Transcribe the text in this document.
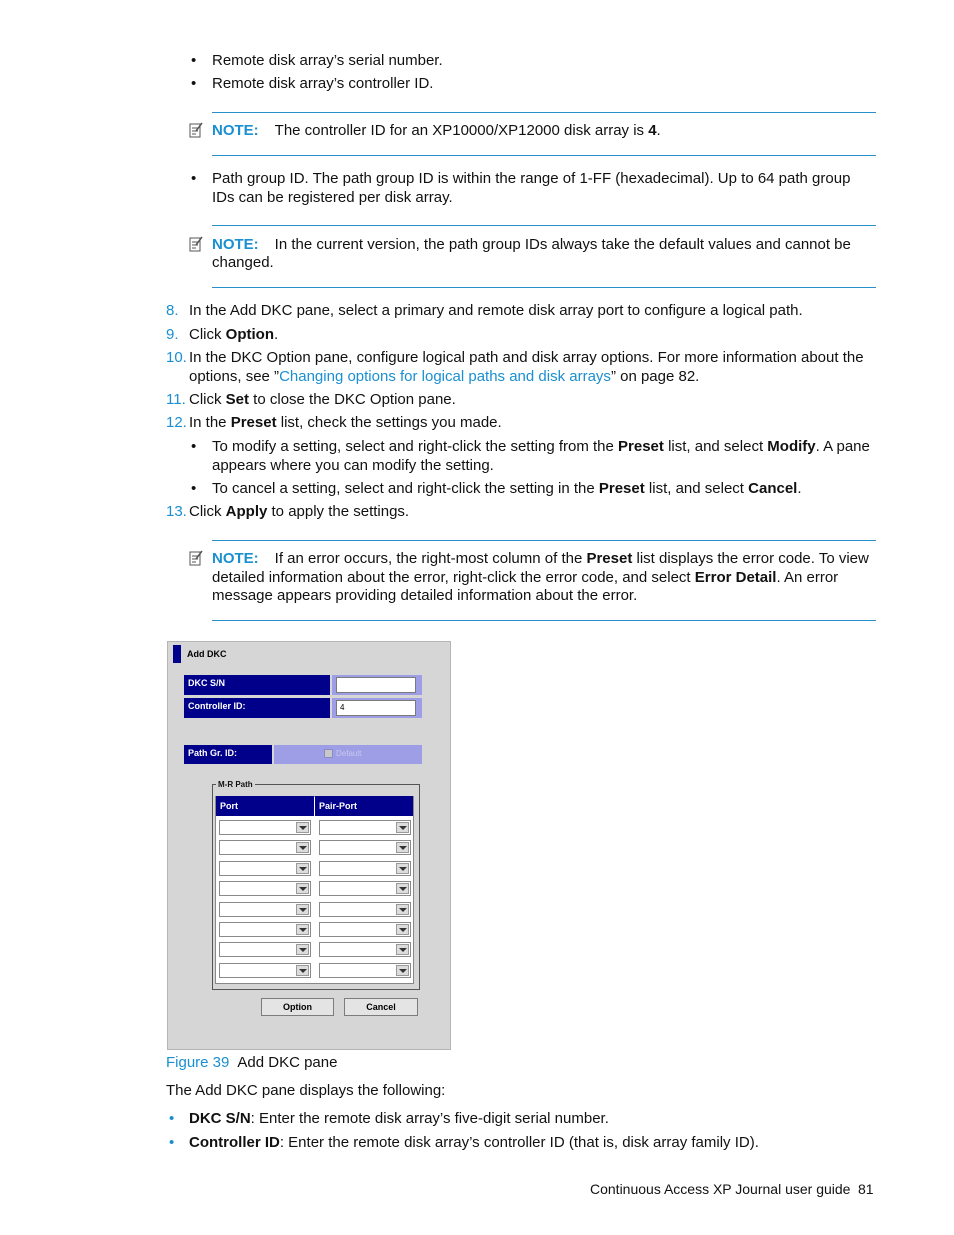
• Remote disk array’s serial number.
• Remote disk array’s controller ID.
NOTE: The controller ID for an XP10000/XP12000 disk array is 4.
• Path group ID. The path group ID is within the range of 1-FF (hexadecimal). Up to 64 path group
IDs can be registered per disk array.
NOTE: In the current version, the path group IDs always take the default values and cannot be
changed.
8. In the Add DKC pane, select a primary and remote disk array port to configure a logical path.
9. Click Option.
10. In the DKC Option pane, configure logical path and disk array options. For more information about the
options, see ”Changing options for logical paths and disk arrays” on page 82.
11. Click Set to close the DKC Option pane.
12. In the Preset list, check the settings you made.
• To modify a setting, select and right-click the setting from the Preset list, and select Modify. A pane
appears where you can modify the setting.
• To cancel a setting, select and right-click the setting in the Preset list, and select Cancel.
13. Click Apply to apply the settings.
NOTE: If an error occurs, the right-most column of the Preset list displays the error code. To view
detailed information about the error, right-click the error code, and select Error Detail. An error
message appears providing detailed information about the error.
Add DKC
DKC S/N
Controller ID:	4
Path Gr. ID:	Default
M-R Path
Port	Pair-Port
Option	Cancel
Figure 39 Add DKC pane
The Add DKC pane displays the following:
• DKC S/N: Enter the remote disk array’s five-digit serial number.
• Controller ID: Enter the remote disk array’s controller ID (that is, disk array family ID).
Continuous Access XP Journal user guide 81
